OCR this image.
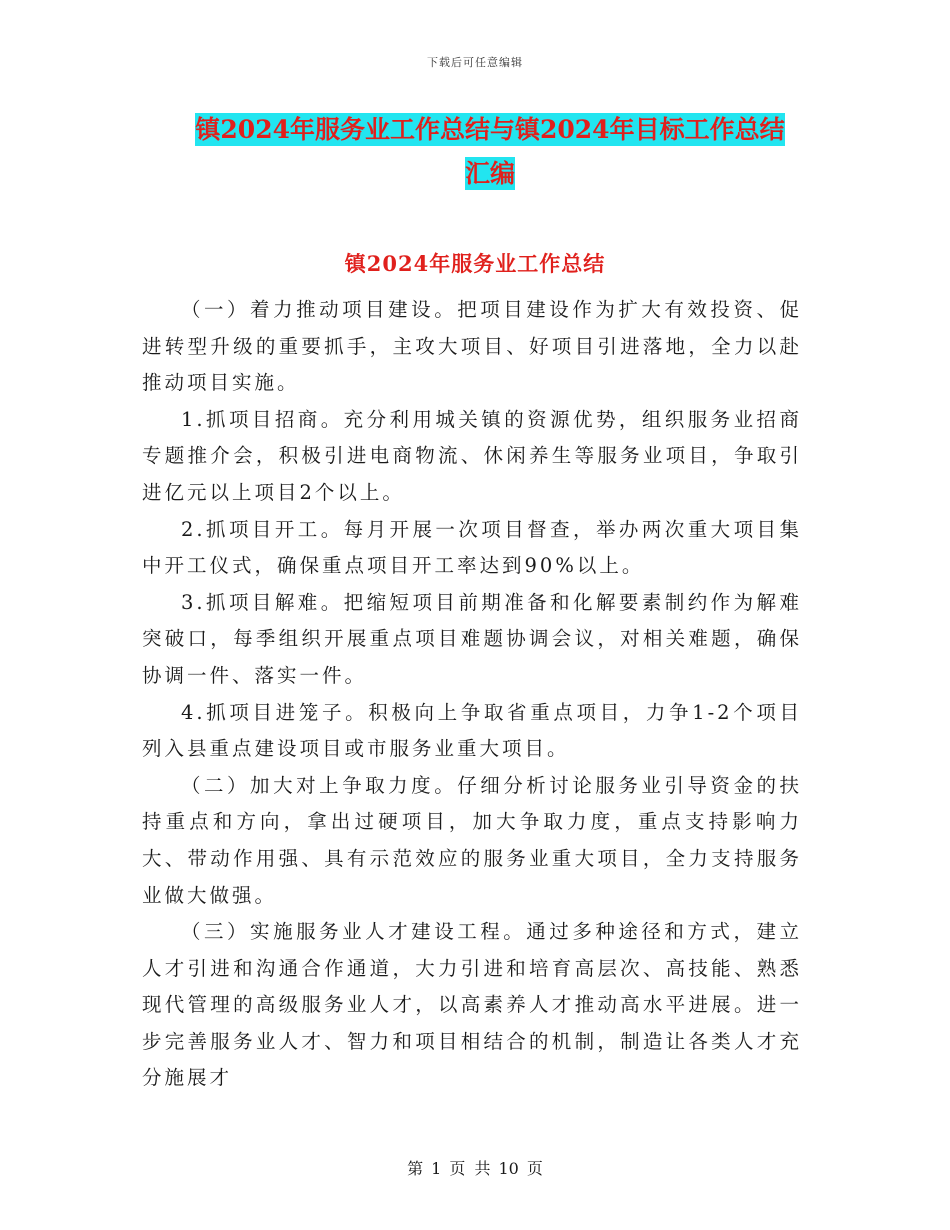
下载后可任意编辑
镇2024年服务业工作总结与镇2024年目标工作总结
汇编
镇2024年服务业工作总结

（一）着力推动项目建设。把项目建设作为扩大有效投资、促进转型升级的重要抓手，主攻大项目、好项目引进落地，全力以赴推动项目实施。

1.抓项目招商。充分利用城关镇的资源优势，组织服务业招商专题推介会，积极引进电商物流、休闲养生等服务业项目，争取引进亿元以上项目2个以上。

2.抓项目开工。每月开展一次项目督查，举办两次重大项目集中开工仪式，确保重点项目开工率达到90%以上。

3.抓项目解难。把缩短项目前期准备和化解要素制约作为解难突破口，每季组织开展重点项目难题协调会议，对相关难题，确保协调一件、落实一件。

4.抓项目进笼子。积极向上争取省重点项目，力争1-2个项目列入县重点建设项目或市服务业重大项目。

（二）加大对上争取力度。仔细分析讨论服务业引导资金的扶持重点和方向，拿出过硬项目，加大争取力度，重点支持影响力大、带动作用强、具有示范效应的服务业重大项目，全力支持服务业做大做强。

（三）实施服务业人才建设工程。通过多种途径和方式，建立人才引进和沟通合作通道，大力引进和培育高层次、高技能、熟悉现代管理的高级服务业人才，以高素养人才推动高水平进展。进一步完善服务业人才、智力和项目相结合的机制，制造让各类人才充分施展才

第 1 页 共 10 页
